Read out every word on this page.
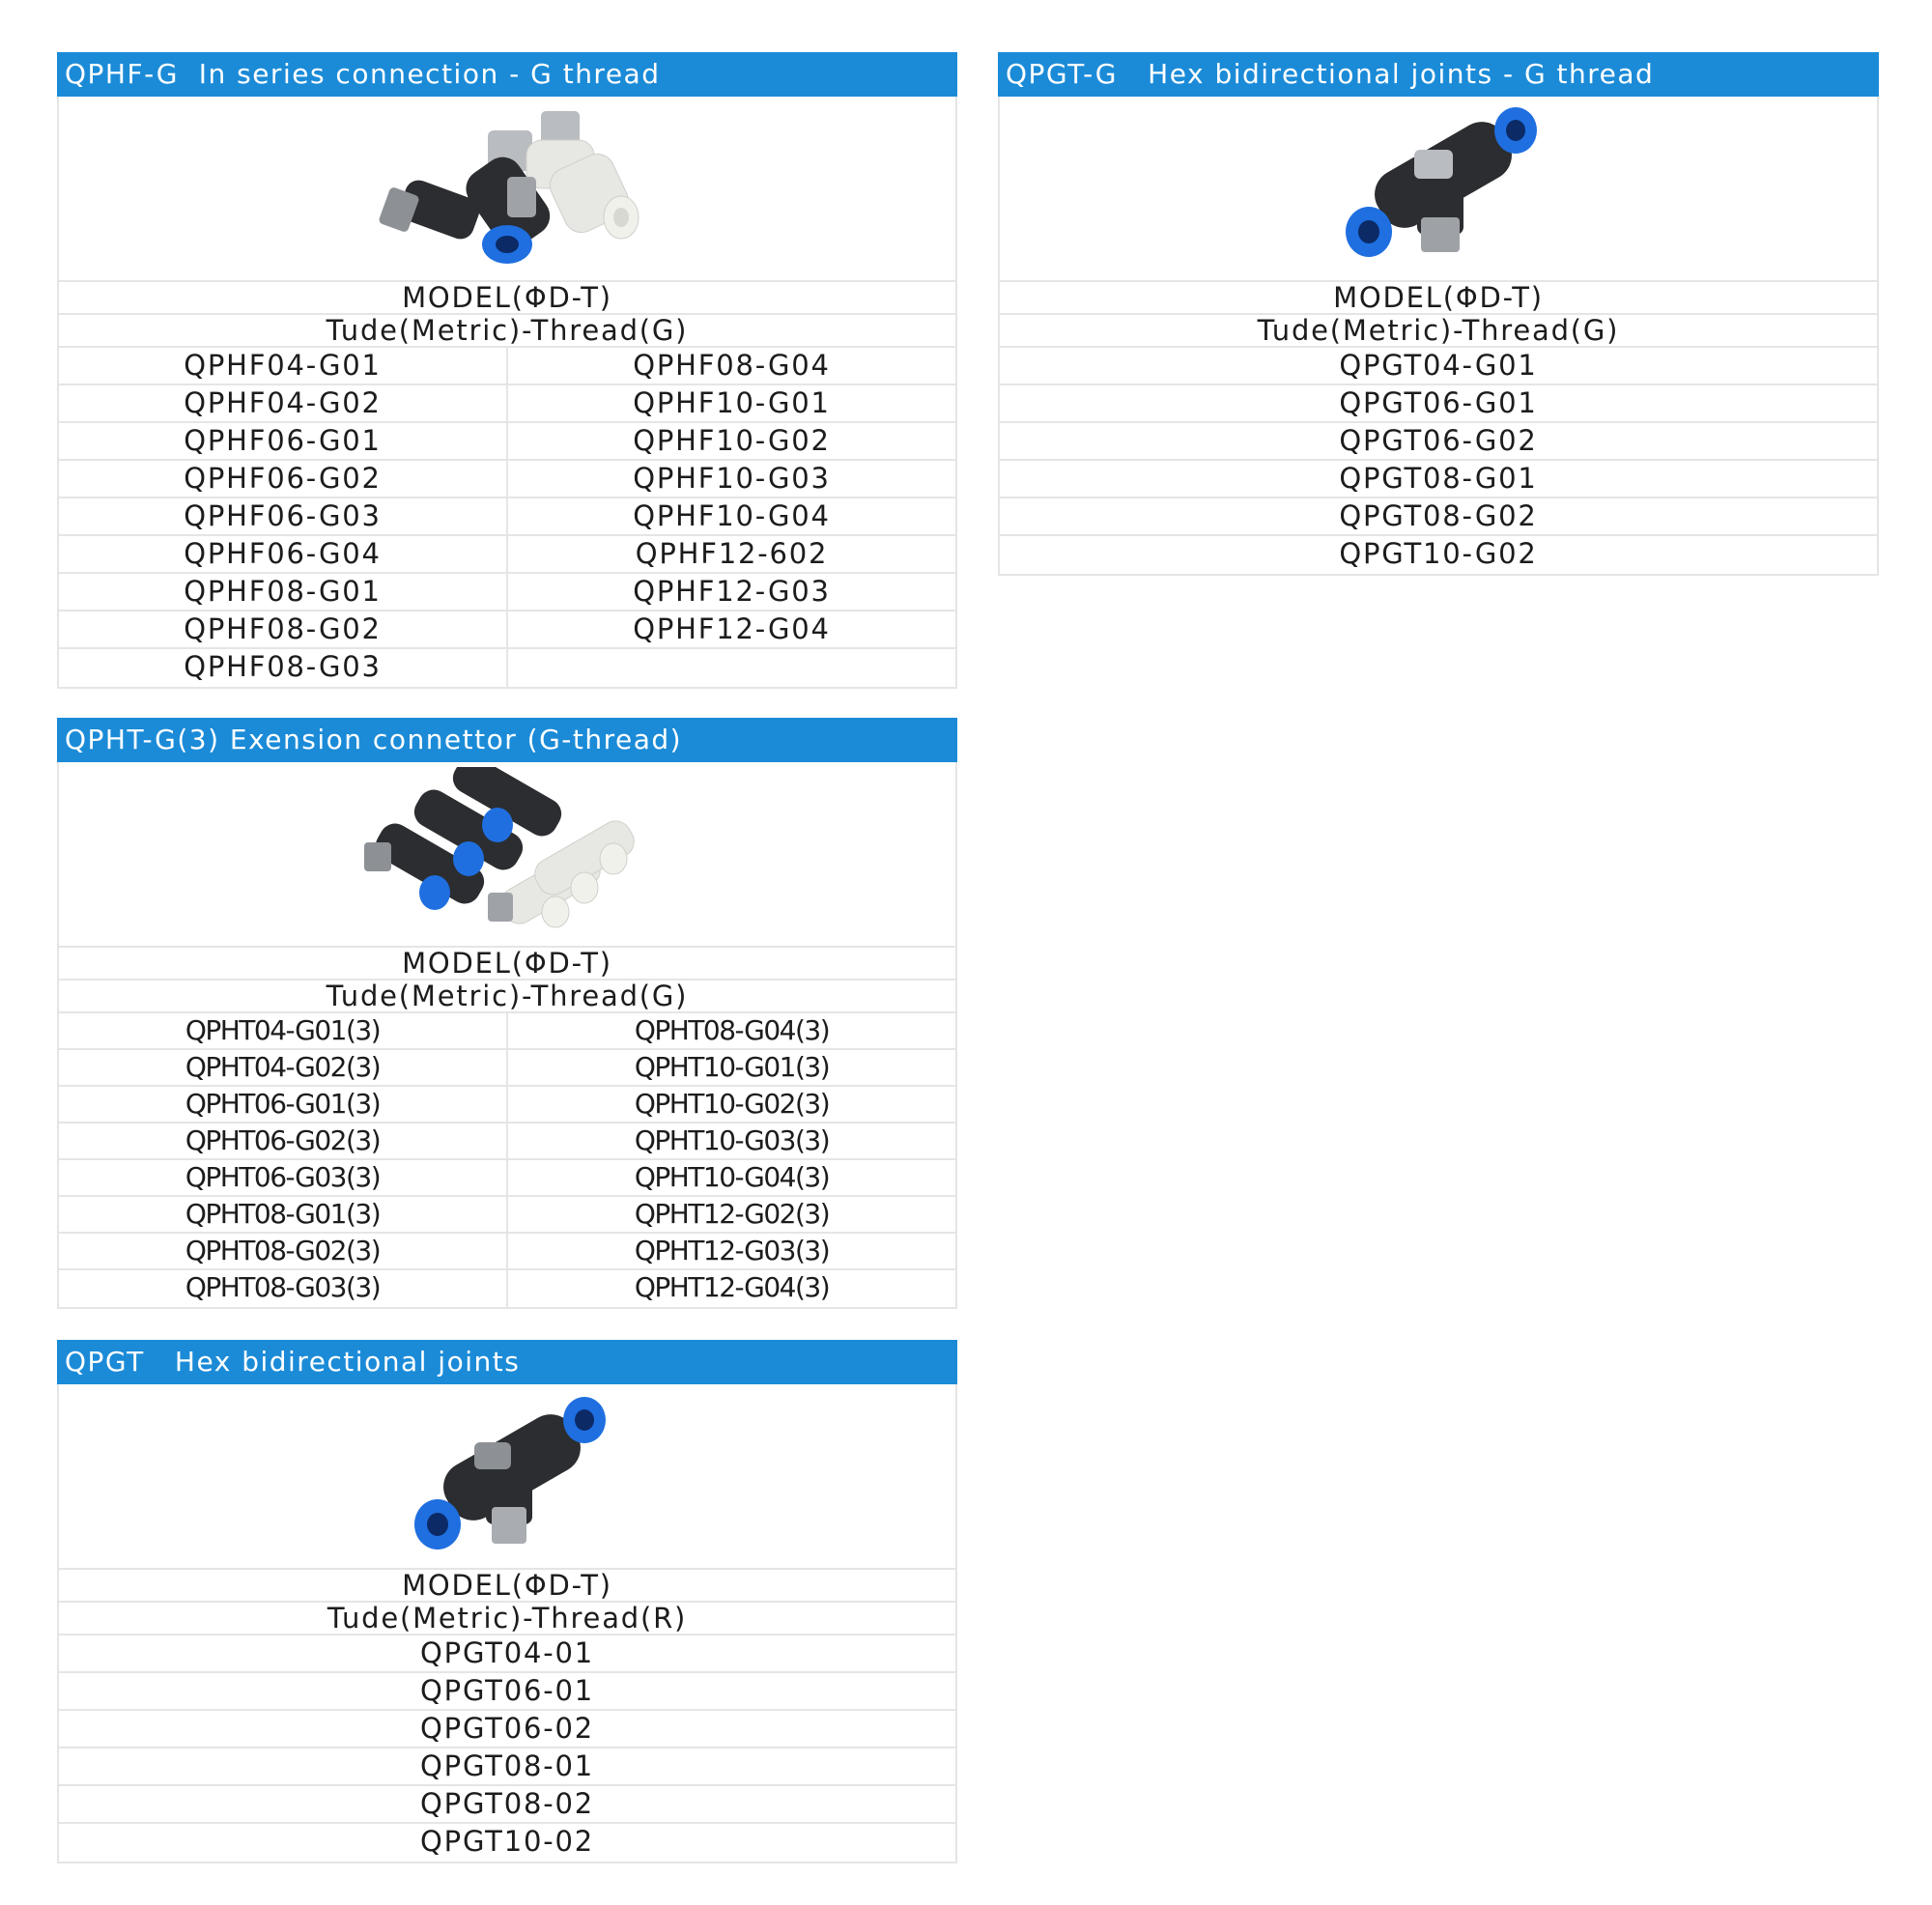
QPHF-G  In series connection - G thread
MODEL(ΦD-T)
Tude(Metric)-Thread(G)
QPHF04-G01	QPHF08-G04
QPHF04-G02	QPHF10-G01
QPHF06-G01	QPHF10-G02
QPHF06-G02	QPHF10-G03
QPHF06-G03	QPHF10-G04
QPHF06-G04	QPHF12-602
QPHF08-G01	QPHF12-G03
QPHF08-G02	QPHF12-G04
QPHF08-G03
QPGT-G   Hex bidirectional joints - G thread
MODEL(ΦD-T)
Tude(Metric)-Thread(G)
QPGT04-G01
QPGT06-G01
QPGT06-G02
QPGT08-G01
QPGT08-G02
QPGT10-G02
QPHT-G(3) Exension connettor (G-thread)
MODEL(ΦD-T)
Tude(Metric)-Thread(G)
QPHT04-G01(3)	QPHT08-G04(3)
QPHT04-G02(3)	QPHT10-G01(3)
QPHT06-G01(3)	QPHT10-G02(3)
QPHT06-G02(3)	QPHT10-G03(3)
QPHT06-G03(3)	QPHT10-G04(3)
QPHT08-G01(3)	QPHT12-G02(3)
QPHT08-G02(3)	QPHT12-G03(3)
QPHT08-G03(3)	QPHT12-G04(3)
QPGT   Hex bidirectional joints
MODEL(ΦD-T)
Tude(Metric)-Thread(R)
QPGT04-01
QPGT06-01
QPGT06-02
QPGT08-01
QPGT08-02
QPGT10-02
